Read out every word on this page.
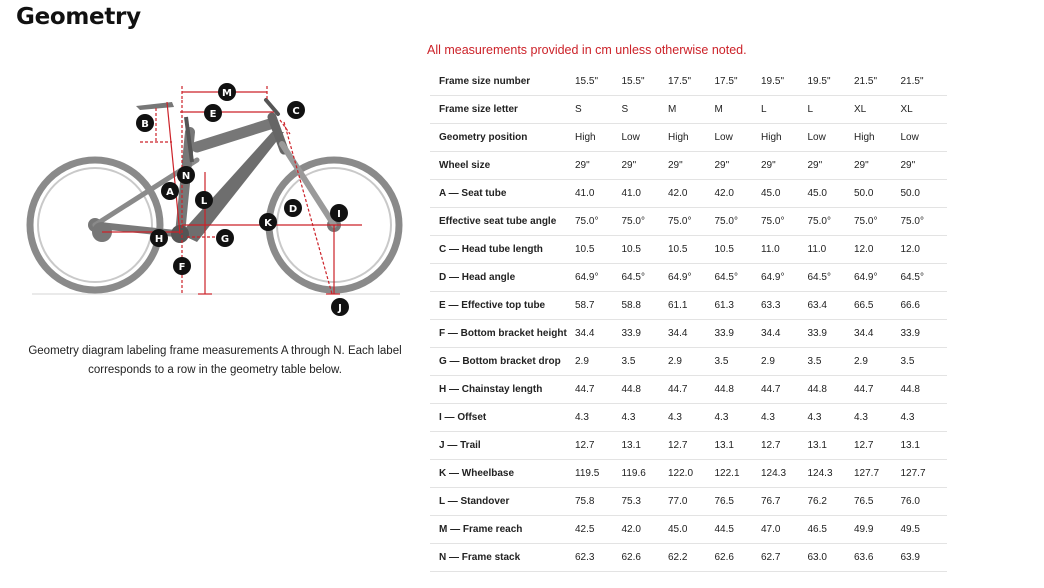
Geometry
M
E	C
B
N
A
L
D	I
K
H	G
F
J
Geometry diagram labeling frame measurements A through N. Each label corresponds to a row in the geometry table below.
All measurements provided in cm unless otherwise noted.
Frame size number	15.5"	15.5"	17.5"	17.5"	19.5"	19.5"	21.5"	21.5"
Frame size letter	S	S	M	M	L	L	XL	XL
Geometry position	High	Low	High	Low	High	Low	High	Low
Wheel size	29"	29"	29"	29"	29"	29"	29"	29"
A — Seat tube	41.0	41.0	42.0	42.0	45.0	45.0	50.0	50.0
Effective seat tube angle	75.0°	75.0°	75.0°	75.0°	75.0°	75.0°	75.0°	75.0°
C — Head tube length	10.5	10.5	10.5	10.5	11.0	11.0	12.0	12.0
D — Head angle	64.9°	64.5°	64.9°	64.5°	64.9°	64.5°	64.9°	64.5°
E — Effective top tube	58.7	58.8	61.1	61.3	63.3	63.4	66.5	66.6
F — Bottom bracket height	34.4	33.9	34.4	33.9	34.4	33.9	34.4	33.9
G — Bottom bracket drop	2.9	3.5	2.9	3.5	2.9	3.5	2.9	3.5
H — Chainstay length	44.7	44.8	44.7	44.8	44.7	44.8	44.7	44.8
I — Offset	4.3	4.3	4.3	4.3	4.3	4.3	4.3	4.3
J — Trail	12.7	13.1	12.7	13.1	12.7	13.1	12.7	13.1
K — Wheelbase	119.5	119.6	122.0	122.1	124.3	124.3	127.7	127.7
L — Standover	75.8	75.3	77.0	76.5	76.7	76.2	76.5	76.0
M — Frame reach	42.5	42.0	45.0	44.5	47.0	46.5	49.9	49.5
N — Frame stack	62.3	62.6	62.2	62.6	62.7	63.0	63.6	63.9
